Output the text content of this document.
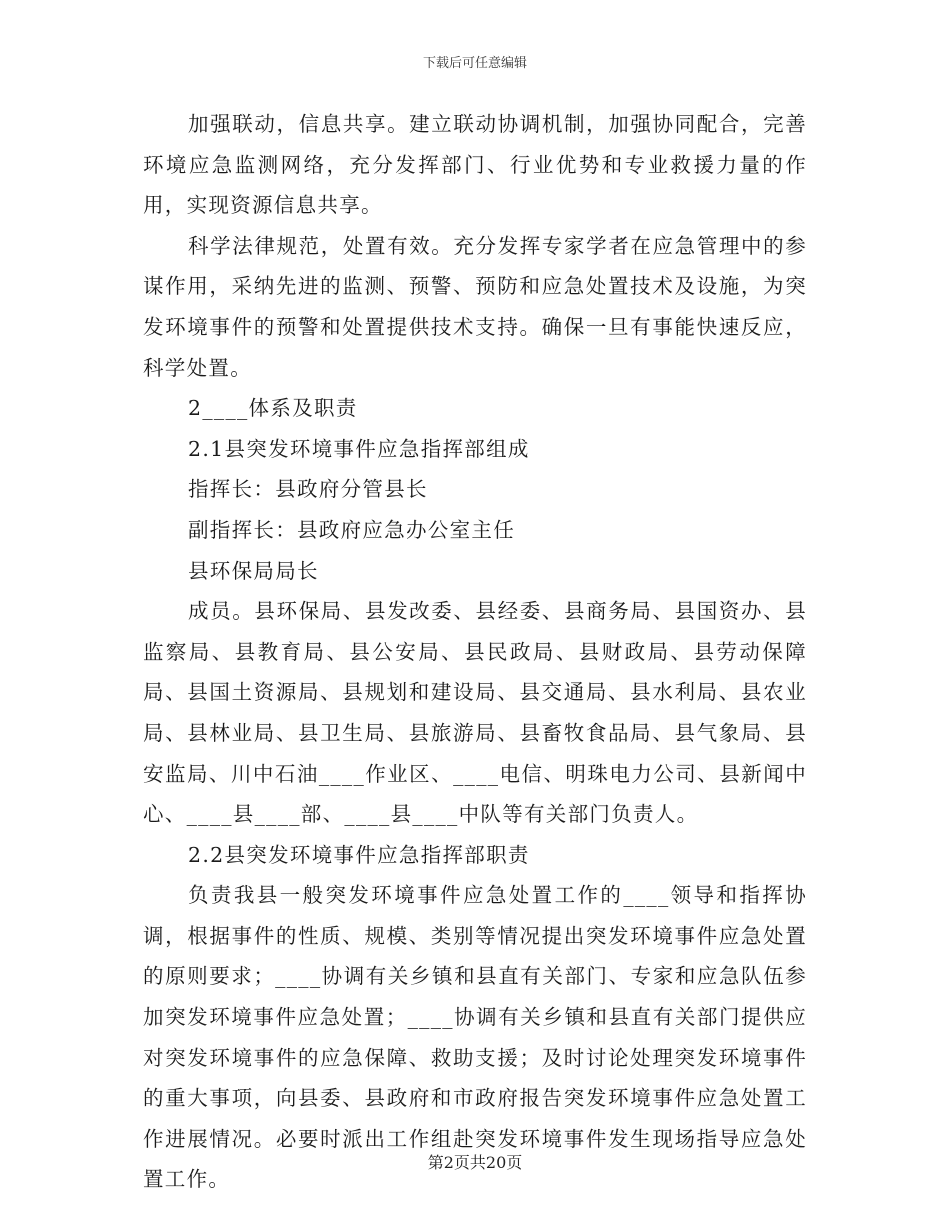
下载后可任意编辑

加强联动，信息共享。建立联动协调机制，加强协同配合，完善环境应急监测网络，充分发挥部门、行业优势和专业救援力量的作用，实现资源信息共享。

科学法律规范，处置有效。充分发挥专家学者在应急管理中的参谋作用，采纳先进的监测、预警、预防和应急处置技术及设施，为突发环境事件的预警和处置提供技术支持。确保一旦有事能快速反应，科学处置。

2____体系及职责

2.1县突发环境事件应急指挥部组成

指挥长：县政府分管县长

副指挥长：县政府应急办公室主任

县环保局局长

成员。县环保局、县发改委、县经委、县商务局、县国资办、县监察局、县教育局、县公安局、县民政局、县财政局、县劳动保障局、县国土资源局、县规划和建设局、县交通局、县水利局、县农业局、县林业局、县卫生局、县旅游局、县畜牧食品局、县气象局、县安监局、川中石油____作业区、____电信、明珠电力公司、县新闻中心、____县____部、____县____中队等有关部门负责人。

2.2县突发环境事件应急指挥部职责

负责我县一般突发环境事件应急处置工作的____领导和指挥协调，根据事件的性质、规模、类别等情况提出突发环境事件应急处置的原则要求；____协调有关乡镇和县直有关部门、专家和应急队伍参加突发环境事件应急处置；____协调有关乡镇和县直有关部门提供应对突发环境事件的应急保障、救助支援；及时讨论处理突发环境事件的重大事项，向县委、县政府和市政府报告突发环境事件应急处置工作进展情况。必要时派出工作组赴突发环境事件发生现场指导应急处置工作。

第2页共20页
